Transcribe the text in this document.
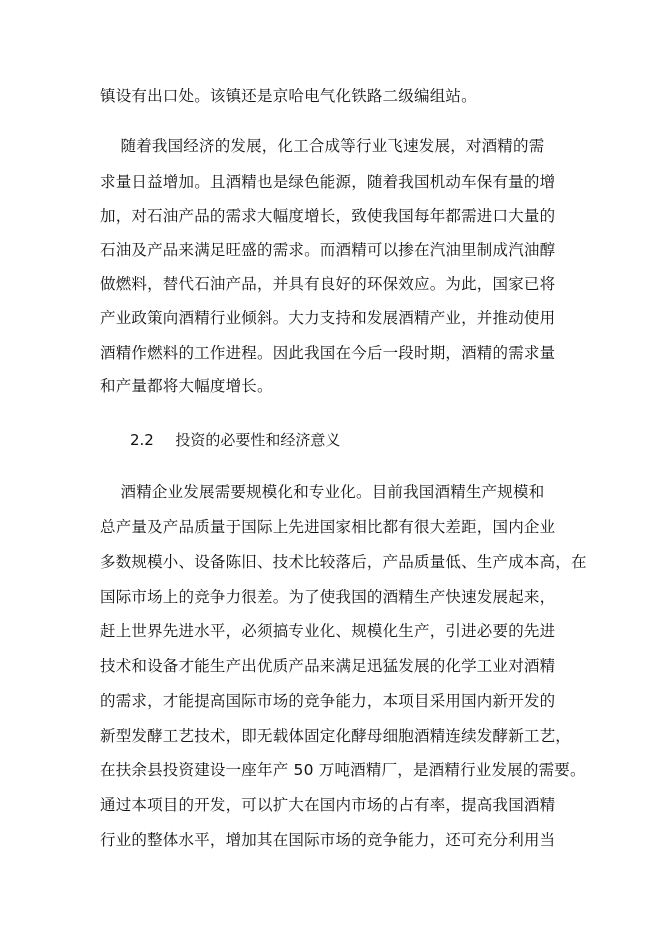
镇设有出口处。该镇还是京哈电气化铁路二级编组站。
随着我国经济的发展，化工合成等行业飞速发展，对酒精的需
求量日益增加。且酒精也是绿色能源，随着我国机动车保有量的增
加，对石油产品的需求大幅度增长，致使我国每年都需进口大量的
石油及产品来满足旺盛的需求。而酒精可以掺在汽油里制成汽油醇
做燃料，替代石油产品，并具有良好的环保效应。为此，国家已将
产业政策向酒精行业倾斜。大力支持和发展酒精产业，并推动使用
酒精作燃料的工作进程。因此我国在今后一段时期，酒精的需求量
和产量都将大幅度增长。
2.2 投资的必要性和经济意义
酒精企业发展需要规模化和专业化。目前我国酒精生产规模和
总产量及产品质量于国际上先进国家相比都有很大差距，国内企业
多数规模小、设备陈旧、技术比较落后，产品质量低、生产成本高，在
国际市场上的竞争力很差。为了使我国的酒精生产快速发展起来，
赶上世界先进水平，必须搞专业化、规模化生产，引进必要的先进
技术和设备才能生产出优质产品来满足迅猛发展的化学工业对酒精
的需求，才能提高国际市场的竞争能力，本项目采用国内新开发的
新型发酵工艺技术，即无载体固定化酵母细胞酒精连续发酵新工艺，
在扶余县投资建设一座年产 50 万吨酒精厂，是酒精行业发展的需要。
通过本项目的开发，可以扩大在国内市场的占有率，提高我国酒精
行业的整体水平，增加其在国际市场的竞争能力，还可充分利用当
